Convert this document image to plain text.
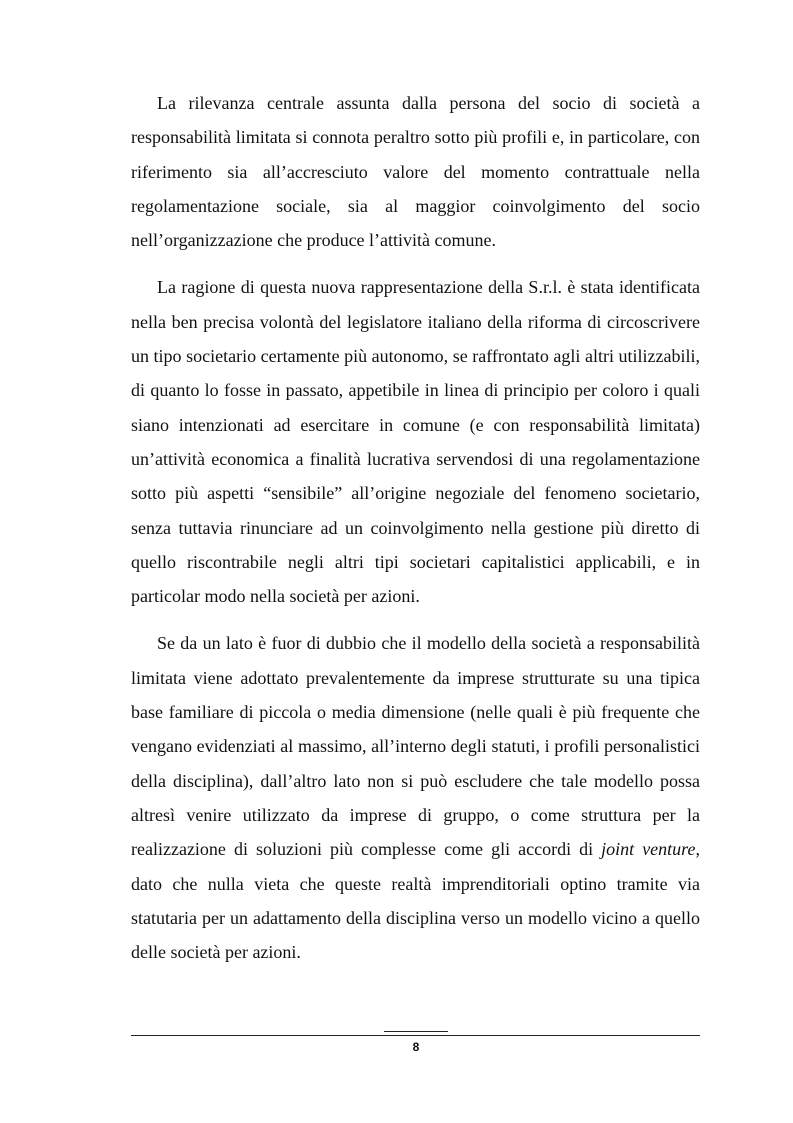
La rilevanza centrale assunta dalla persona del socio di società a responsabilità limitata si connota peraltro sotto più profili e, in particolare, con riferimento sia all’accresciuto valore del momento contrattuale nella regolamentazione sociale, sia al maggior coinvolgimento del socio nell’organizzazione che produce l’attività comune.

La ragione di questa nuova rappresentazione della S.r.l. è stata identificata nella ben precisa volontà del legislatore italiano della riforma di circoscrivere un tipo societario certamente più autonomo, se raffrontato agli altri utilizzabili, di quanto lo fosse in passato, appetibile in linea di principio per coloro i quali siano intenzionati ad esercitare in comune (e con responsabilità limitata) un’attività economica a finalità lucrativa servendosi di una regolamentazione sotto più aspetti “sensibile” all’origine negoziale del fenomeno societario, senza tuttavia rinunciare ad un coinvolgimento nella gestione più diretto di quello riscontrabile negli altri tipi societari capitalistici applicabili, e in particolar modo nella società per azioni.

Se da un lato è fuor di dubbio che il modello della società a responsabilità limitata viene adottato prevalentemente da imprese strutturate su una tipica base familiare di piccola o media dimensione (nelle quali è più frequente che vengano evidenziati al massimo, all’interno degli statuti, i profili personalistici della disciplina), dall’altro lato non si può escludere che tale modello possa altresì venire utilizzato da imprese di gruppo, o come struttura per la realizzazione di soluzioni più complesse come gli accordi di joint venture, dato che nulla vieta che queste realtà imprenditoriali optino tramite via statutaria per un adattamento della disciplina verso un modello vicino a quello delle società per azioni.

8
